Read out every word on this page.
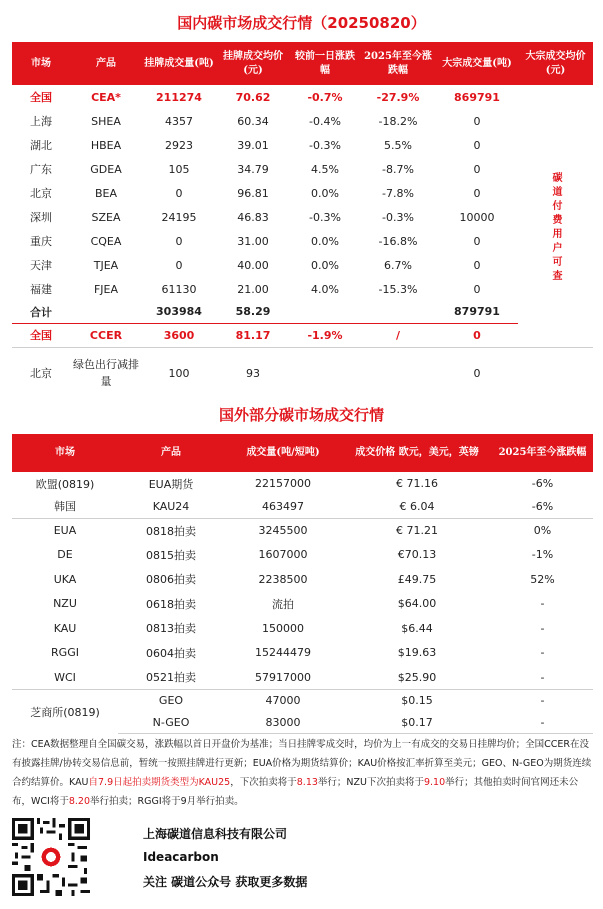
国内碳市场成交行情（20250820）
市场	产品	挂牌成交量(吨)	挂牌成交均价(元)	较前一日涨跌幅	2025年至今涨跌幅	大宗成交量(吨)	大宗成交均价(元)	
全国	CEA*	211274	70.62	-0.7%	-27.9%	869791		
上海	SHEA	4357	60.34	-0.4%	-18.2%	0	碳道付费用户可查	
湖北	HBEA	2923	39.01	-0.3%	5.5%	0		
广东	GDEA	105	34.79	4.5%	-8.7%	0		
北京	BEA	0	96.81	0.0%	-7.8%	0		
深圳	SZEA	24195	46.83	-0.3%	-0.3%	10000		
重庆	CQEA	0	31.00	0.0%	-16.8%	0		
天津	TJEA	0	40.00	0.0%	6.7%	0		
福建	FJEA	61130	21.00	4.0%	-15.3%	0		
合计		303984	58.29			879791		
全国	CCER	3600	81.17	-1.9%	/	0		
北京	绿色出行减排量	100	93			0		
国外部分碳市场成交行情
市场	产品	成交量(吨/短吨)	成交价格 欧元，美元，英镑	2025年至今涨跌幅
欧盟(0819)	EUA期货	22157000	€ 71.16	-6%
韩国	KAU24	463497	€ 6.04	-6%
EUA	0818拍卖	3245500	€ 71.21	0%
DE	0815拍卖	1607000	€70.13	-1%
UKA	0806拍卖	2238500	£49.75	52%
NZU	0618拍卖	流拍	$64.00	-
KAU	0813拍卖	150000	$6.44	-
RGGI	0604拍卖	15244479	$19.63	-
WCI	0521拍卖	57917000	$25.90	-
芝商所(0819)	GEO	47000	$0.15	-
	N-GEO	83000	$0.17	-
注：CEA数据整理自全国碳交易，涨跌幅以首日开盘价为基准；当日挂牌零成交时，均价为上一有成交的交易日挂牌均价；全国CCER在没有披露挂牌/协转交易信息前，暂统一按照挂牌进行更新；EUA价格为期货结算价；KAU价格按汇率折算至美元；GEO、N-GEO为期货连续合约结算价。KAU自7.9日起拍卖期货类型为KAU25，下次拍卖将于8.13举行；NZU下次拍卖将于9.10举行；其他拍卖时间官网还未公布，WCI将于8.20举行拍卖；RGGI将于9月举行拍卖。
上海碳道信息科技有限公司
Ideacarbon
关注 碳道公众号 获取更多数据
